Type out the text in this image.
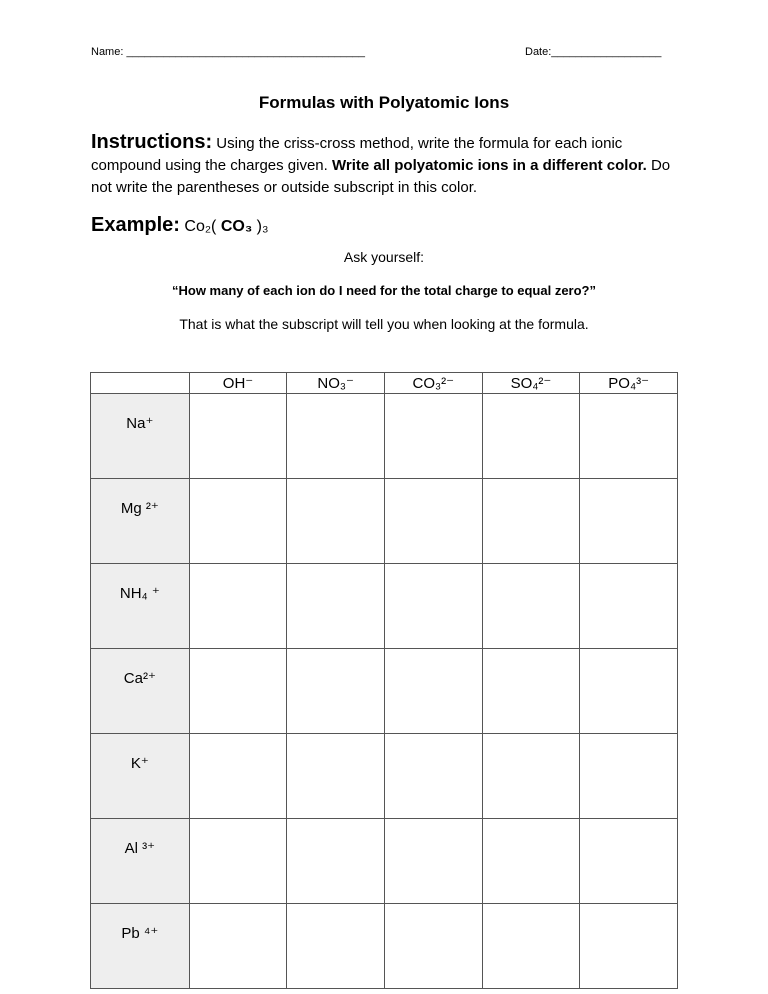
Name: _______________________________________	Date:__________________
Formulas with Polyatomic Ions
Instructions: Using the criss-cross method, write the formula for each ionic compound using the charges given. Write all polyatomic ions in a different color. Do not write the parentheses or outside subscript in this color.
Example: Co₂( CO₃ )₃
Ask yourself:
“How many of each ion do I need for the total charge to equal zero?”
That is what the subscript will tell you when looking at the formula.
	OH⁻	NO₃⁻	CO₃²⁻	SO₄²⁻	PO₄³⁻
Na⁺					
Mg ²⁺					
NH₄ ⁺					
Ca²⁺					
K⁺					
Al ³⁺					
Pb ⁴⁺					
